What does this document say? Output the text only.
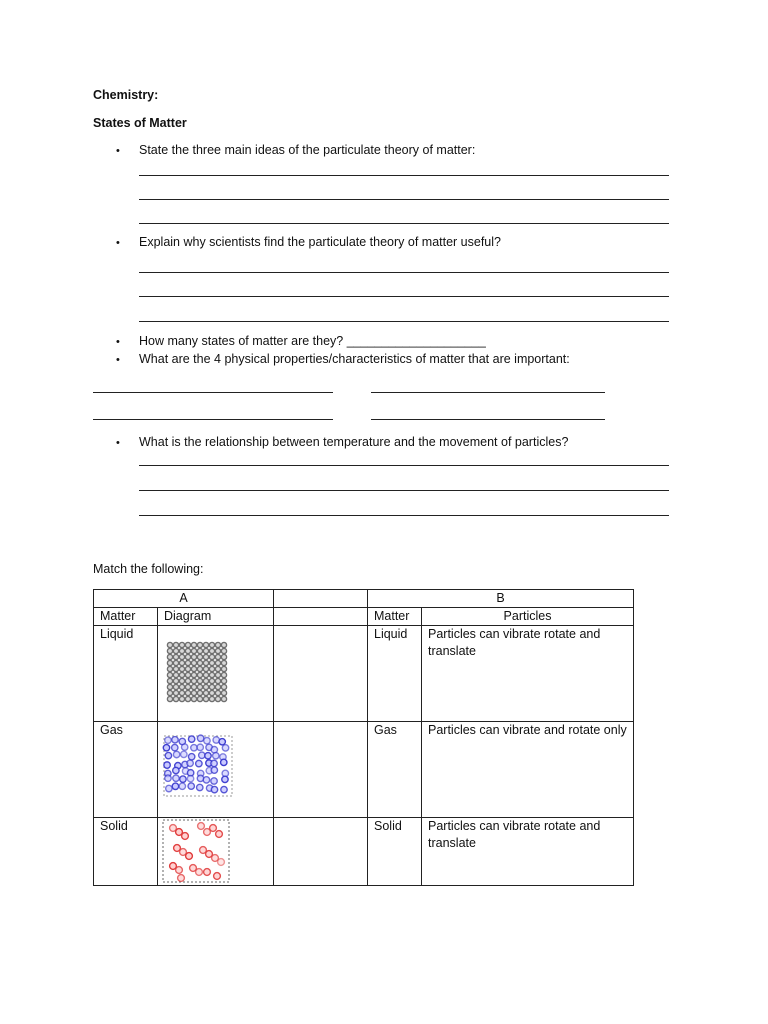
Chemistry:
States of Matter
• State the three main ideas of the particulate theory of matter:
• Explain why scientists find the particulate theory of matter useful?
• How many states of matter are they? ____________________
• What are the 4 physical properties/characteristics of matter that are important:
• What is the relationship between temperature and the movement of particles?
Match the following:
A			B	
Matter	Diagram		Matter	Particles
Liquid			Liquid	Particles can vibrate rotate and translate
Gas			Gas	Particles can vibrate and rotate only
Solid			Solid	Particles can vibrate rotate and translate
